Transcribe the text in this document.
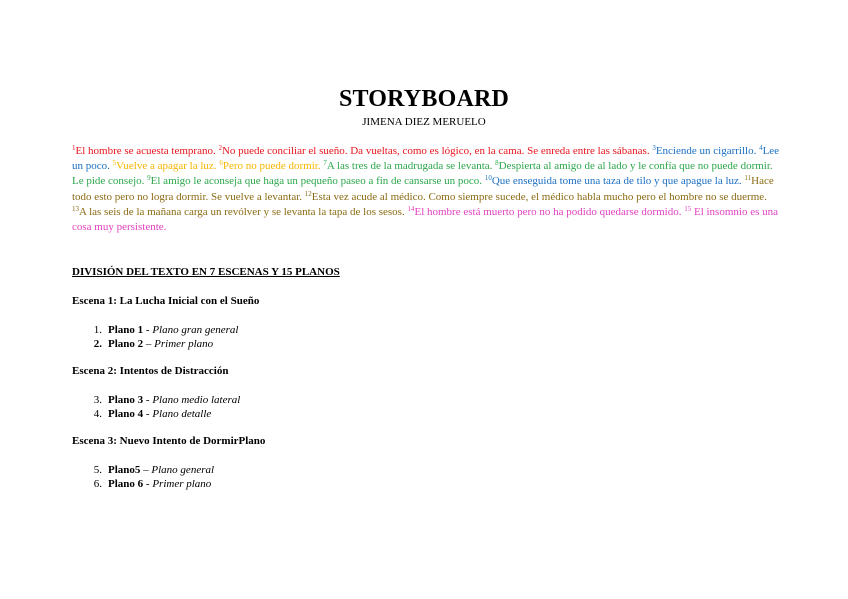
STORYBOARD
JIMENA DIEZ MERUELO
$^1$El hombre se acuesta temprano. $^2$No puede conciliar el sueño. Da vueltas, como es lógico, en la cama. Se enreda entre las sábanas. $^3$Enciende un cigarrillo. $^4$Lee un poco. $^5$Vuelve a apagar la luz. $^6$Pero no puede dormir. $^7$A las tres de la madrugada se levanta. $^8$Despierta al amigo de al lado y le confía que no puede dormir. Le pide consejo. $^9$El amigo le aconseja que haga un pequeño paseo a fin de cansarse un poco. $^{10}$Que enseguida tome una taza de tilo y que apague la luz. $^{11}$Hace todo esto pero no logra dormir. Se vuelve a levantar. $^{12}$Esta vez acude al médico. Como siempre sucede, el médico habla mucho pero el hombre no se duerme. $^{13}$A las seis de la mañana carga un revólver y se levanta la tapa de los sesos. $^{14}$El hombre está muerto pero no ha podido quedarse dormido. $^{15}$ El insomnio es una cosa muy persistente.
DIVISIÓN DEL TEXTO EN 7 ESCENAS Y 15 PLANOS
Escena 1: La Lucha Inicial con el Sueño
1. Plano 1 - Plano gran general
2. Plano 2 – Primer plano
Escena 2: Intentos de Distracción
3. Plano 3 - Plano medio lateral
4. Plano 4 - Plano detalle
Escena 3: Nuevo Intento de DormirPlano
5. Plano5 – Plano general
6. Plano 6 - Primer plano
